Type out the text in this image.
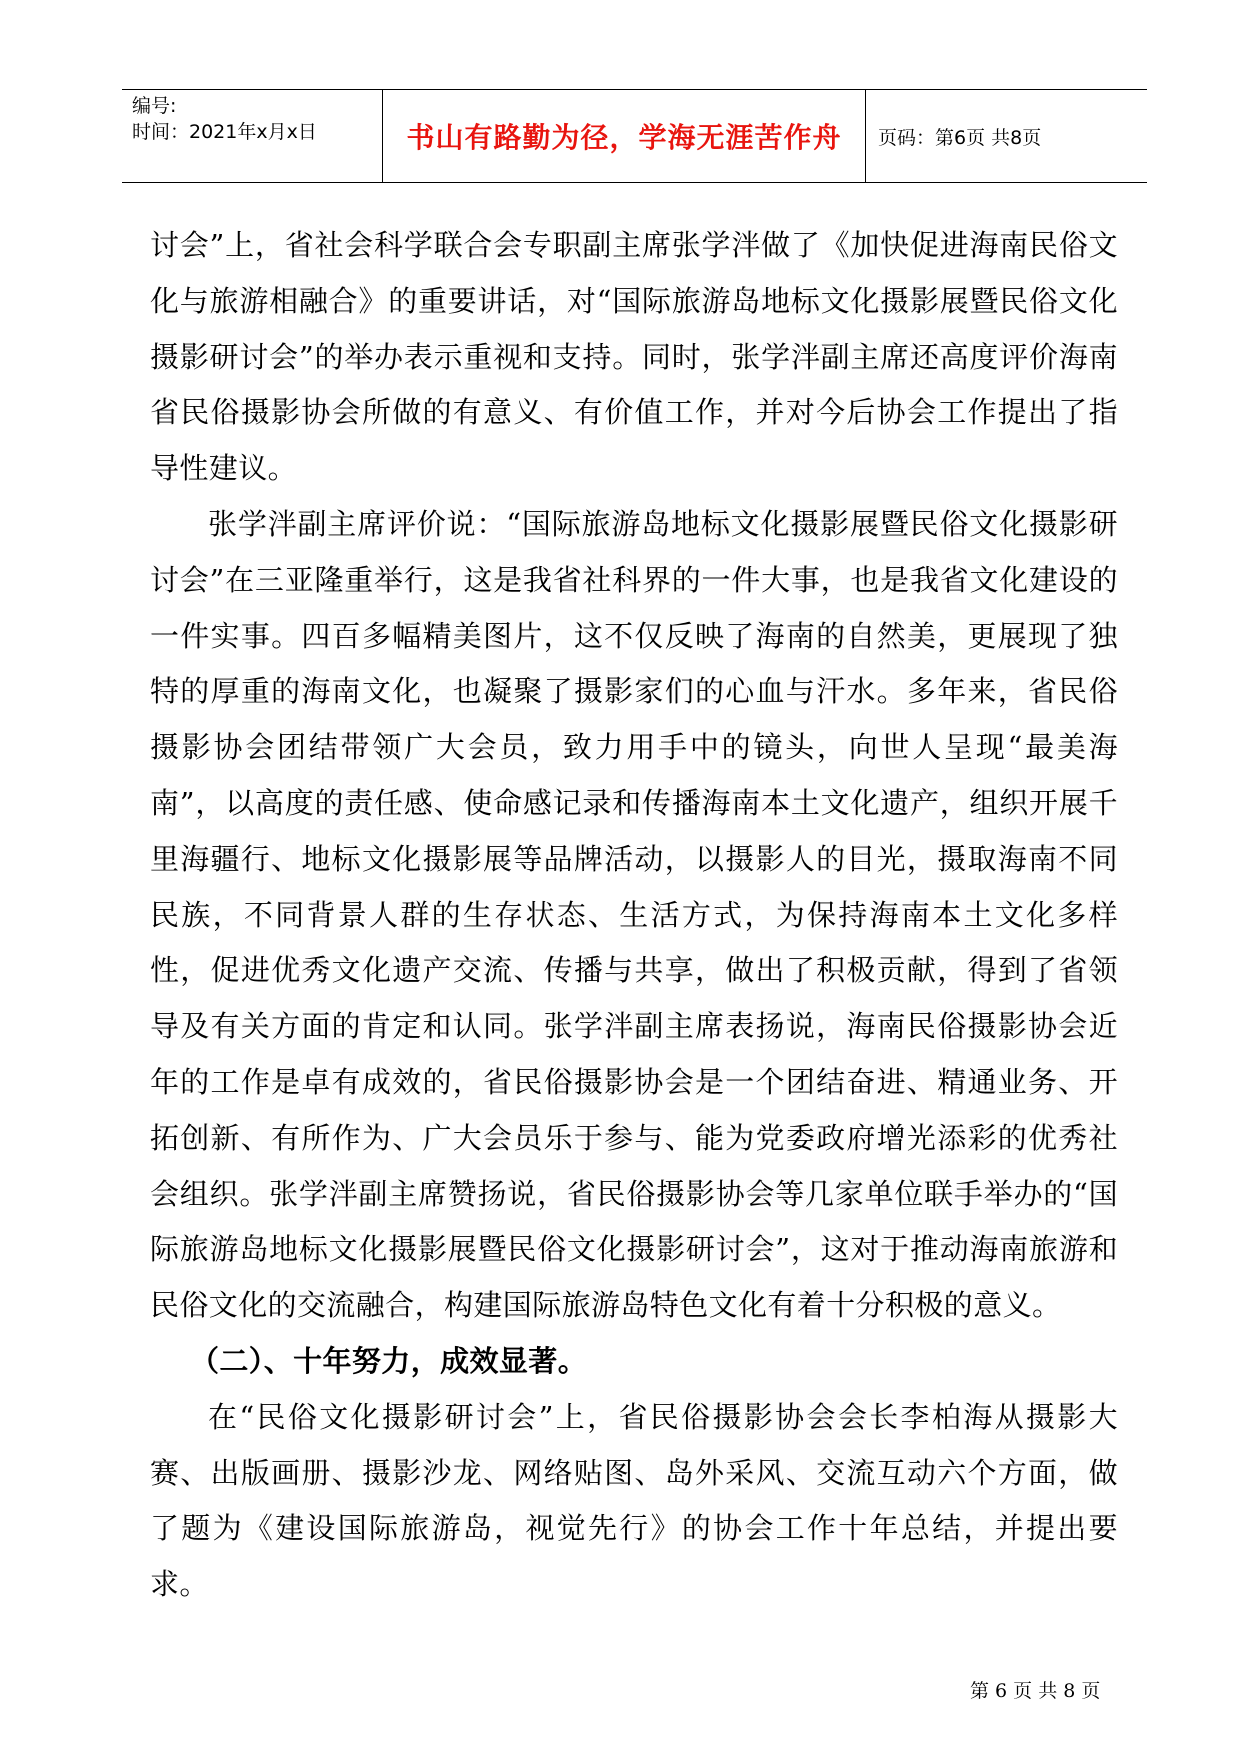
编号:
时间：2021年x月x日	书山有路勤为径，学海无涯苦作舟	页码：第6页 共8页

讨会”上，省社会科学联合会专职副主席张学泮做了《加快促进海南民俗文化与旅游相融合》的重要讲话，对“国际旅游岛地标文化摄影展暨民俗文化摄影研讨会”的举办表示重视和支持。同时，张学泮副主席还高度评价海南省民俗摄影协会所做的有意义、有价值工作，并对今后协会工作提出了指导性建议。

张学泮副主席评价说：“国际旅游岛地标文化摄影展暨民俗文化摄影研讨会”在三亚隆重举行，这是我省社科界的一件大事，也是我省文化建设的一件实事。四百多幅精美图片，这不仅反映了海南的自然美，更展现了独特的厚重的海南文化，也凝聚了摄影家们的心血与汗水。多年来，省民俗摄影协会团结带领广大会员，致力用手中的镜头，向世人呈现“最美海南”，以高度的责任感、使命感记录和传播海南本土文化遗产，组织开展千里海疆行、地标文化摄影展等品牌活动，以摄影人的目光，摄取海南不同民族，不同背景人群的生存状态、生活方式，为保持海南本土文化多样性，促进优秀文化遗产交流、传播与共享，做出了积极贡献，得到了省领导及有关方面的肯定和认同。张学泮副主席表扬说，海南民俗摄影协会近年的工作是卓有成效的，省民俗摄影协会是一个团结奋进、精通业务、开拓创新、有所作为、广大会员乐于参与、能为党委政府增光添彩的优秀社会组织。张学泮副主席赞扬说，省民俗摄影协会等几家单位联手举办的“国际旅游岛地标文化摄影展暨民俗文化摄影研讨会”，这对于推动海南旅游和民俗文化的交流融合，构建国际旅游岛特色文化有着十分积极的意义。

（二）、十年努力，成效显著。

在“民俗文化摄影研讨会”上，省民俗摄影协会会长李柏海从摄影大赛、出版画册、摄影沙龙、网络贴图、岛外采风、交流互动六个方面，做了题为《建设国际旅游岛，视觉先行》的协会工作十年总结，并提出要求。

第 6 页 共 8 页
